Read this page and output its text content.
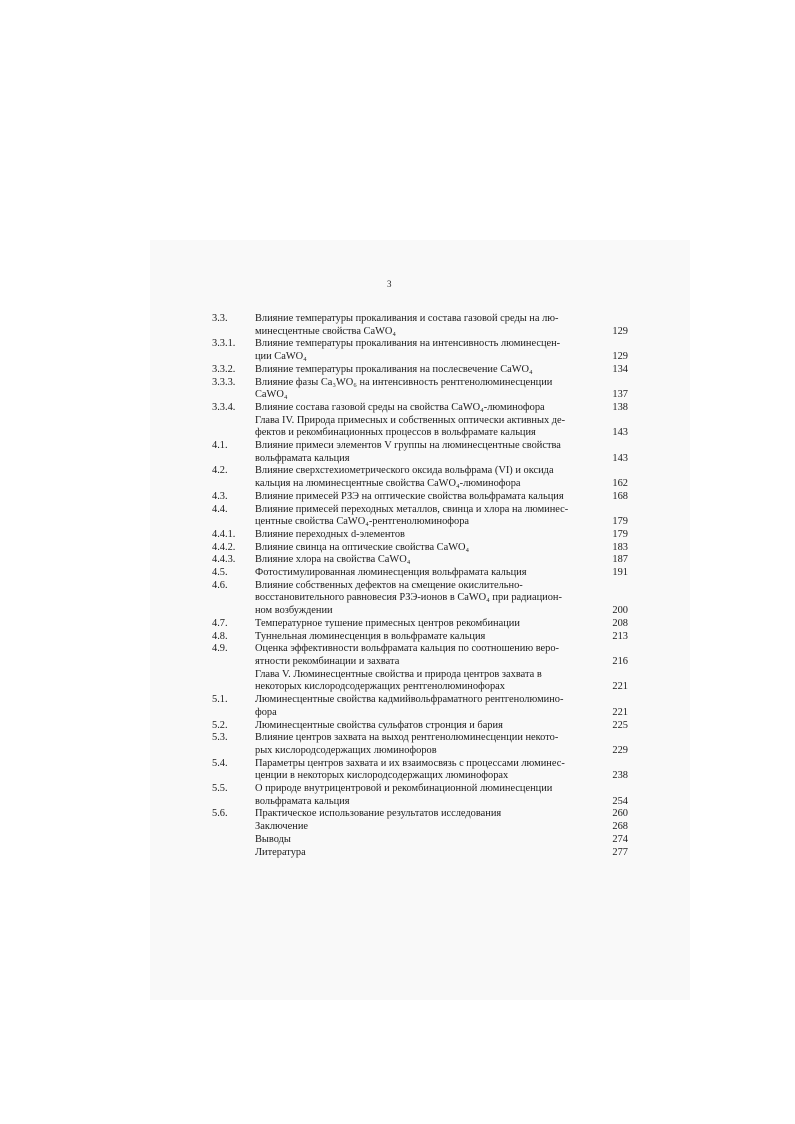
3
3.3.	Влияние температуры прокаливания и состава газовой среды на лю-
минесцентные свойства CaWO₄	129
3.3.1.	Влияние температуры прокаливания на интенсивность люминесцен-
ции CaWO₄	129
3.3.2.	Влияние температуры прокаливания на послесвечение CaWO₄	134
3.3.3.	Влияние фазы Ca₃WO₆ на интенсивность рентгенолюминесценции
CaWO₄	137
3.3.4.	Влияние состава газовой среды на свойства CaWO₄-люминофора	138
Глава IV. Природа примесных и собственных оптически активных де-
фектов и рекомбинационных процессов в вольфрамате кальция	143
4.1.	Влияние примеси элементов V группы на люминесцентные свойства
вольфрамата кальция	143
4.2.	Влияние сверхстехиометрического оксида вольфрама (VI) и оксида
кальция на люминесцентные свойства CaWO₄-люминофора	162
4.3.	Влияние примесей РЗЭ на оптические свойства вольфрамата кальция	168
4.4.	Влияние примесей переходных металлов, свинца и хлора на люминес-
центные свойства CaWO₄-рентгенолюминофора	179
4.4.1.	Влияние переходных d-элементов	179
4.4.2.	Влияние свинца на оптические свойства CaWO₄	183
4.4.3.	Влияние хлора на свойства CaWO₄	187
4.5.	Фотостимулированная люминесценция вольфрамата кальция	191
4.6.	Влияние собственных дефектов на смещение окислительно-
восстановительного равновесия РЗЭ-ионов в CaWO₄ при радиацион-
ном возбуждении	200
4.7.	Температурное тушение примесных центров рекомбинации	208
4.8.	Туннельная люминесценция в вольфрамате кальция	213
4.9.	Оценка эффективности вольфрамата кальция по соотношению веро-
ятности рекомбинации и захвата	216
Глава V. Люминесцентные свойства и природа центров захвата в
некоторых кислородсодержащих рентгенолюминофорах	221
5.1.	Люминесцентные свойства кадмийвольфраматного рентгенолюмино-
фора	221
5.2.	Люминесцентные свойства сульфатов стронция и бария	225
5.3.	Влияние центров захвата на выход рентгенолюминесценции некото-
рых кислородсодержащих люминофоров	229
5.4.	Параметры центров захвата и их взаимосвязь с процессами люминес-
ценции в некоторых кислородсодержащих люминофорах	238
5.5.	О природе внутрицентровой и рекомбинационной люминесценции
вольфрамата кальция	254
5.6.	Практическое использование результатов исследования	260
Заключение	268
Выводы	274
Литература	277
